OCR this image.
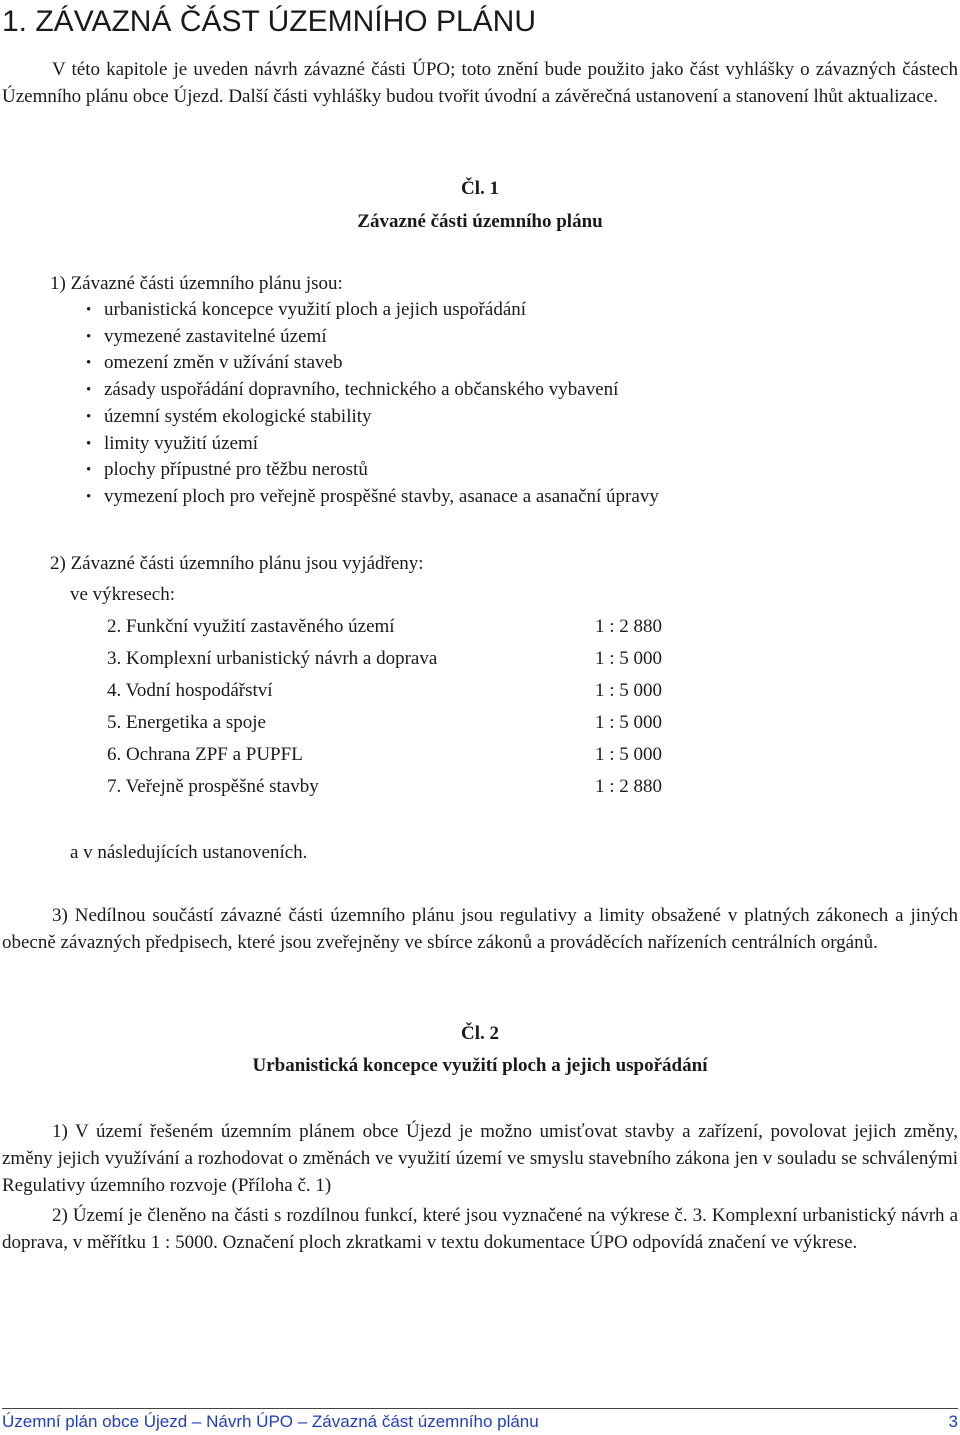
1. ZÁVAZNÁ ČÁST ÚZEMNÍHO PLÁNU

V této kapitole je uveden návrh závazné části ÚPO; toto znění bude použito jako část vyhlášky o závazných částech Územního plánu obce Újezd. Další části vyhlášky budou tvořit úvodní a závěrečná ustanovení a stanovení lhůt aktualizace.

Čl. 1

Závazné části územního plánu

1) Závazné části územního plánu jsou:

• urbanistická koncepce využití ploch a jejich uspořádání
• vymezené zastavitelné území
• omezení změn v užívání staveb
• zásady uspořádání dopravního, technického a občanského vybavení
• územní systém ekologické stability
• limity využití území
• plochy přípustné pro těžbu nerostů
• vymezení ploch pro veřejně prospěšné stavby, asanace a asanační úpravy

2) Závazné části územního plánu jsou vyjádřeny:

ve výkresech:

2. Funkční využití zastavěného území	1 : 2 880
3. Komplexní urbanistický návrh a doprava	1 : 5 000
4. Vodní hospodářství	1 : 5 000
5. Energetika a spoje	1 : 5 000
6. Ochrana ZPF a PUPFL	1 : 5 000
7. Veřejně prospěšné stavby	1 : 2 880

a v následujících ustanoveních.

3) Nedílnou součástí závazné části územního plánu jsou regulativy a limity obsažené v platných zákonech a jiných obecně závazných předpisech, které jsou zveřejněny ve sbírce zákonů a prováděcích nařízeních centrálních orgánů.

Čl. 2

Urbanistická koncepce využití ploch a jejich uspořádání

1) V území řešeném územním plánem obce Újezd je možno umisťovat stavby a zařízení, povolovat jejich změny, změny jejich využívání a rozhodovat o změnách ve využití území ve smyslu stavebního zákona jen v souladu se schválenými Regulativy územního rozvoje (Příloha č. 1)

2) Území je členěno na části s rozdílnou funkcí, které jsou vyznačené na výkrese č. 3. Komplexní urbanistický návrh a doprava, v měřítku 1 : 5000. Označení ploch zkratkami v textu dokumentace ÚPO odpovídá značení ve výkrese.

Územní plán obce Újezd – Návrh ÚPO – Závazná část územního plánu	3
